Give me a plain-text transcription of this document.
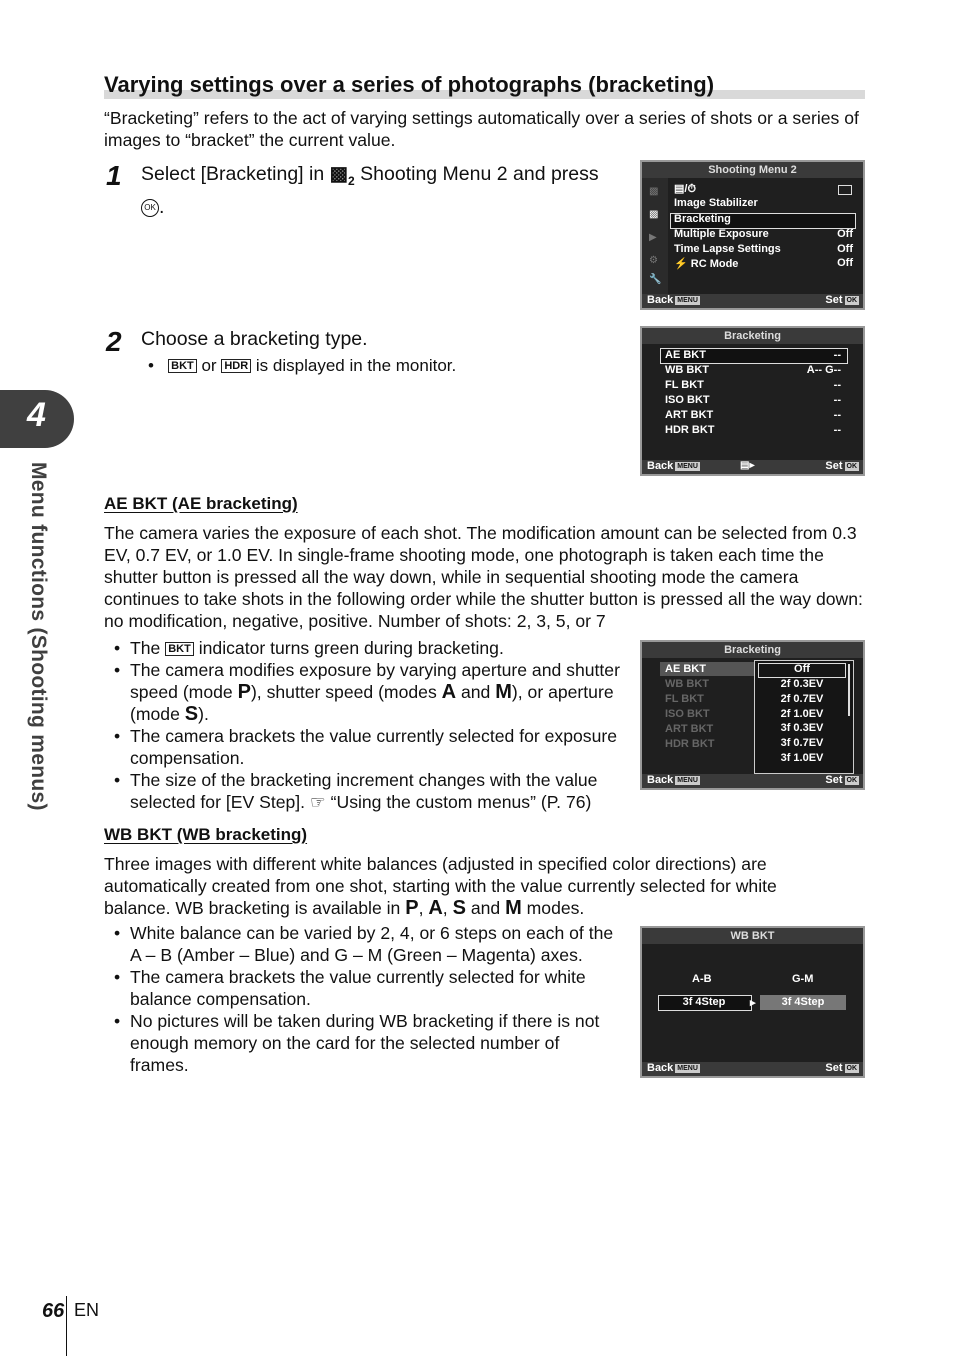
Varying settings over a series of photographs (bracketing)
“Bracketing” refers to the act of varying settings automatically over a series of shots or a series of images to “bracket” the current value.
4
Menu functions (Shooting menus)
1 Select [Bracketing] in $▩_2$ Shooting Menu 2 and press OK .
2 Choose a bracketing type.
•   BKT or HDR is displayed in the monitor.
Shooting Menu 2
▩
▩
▶
⚙
🔧
▤/⏱
Image Stabilizer
Bracketing
Multiple Exposure	Off
Time Lapse Settings	Off
⚡ RC Mode	Off
Back MENU	Set OK
Bracketing
AE BKT	--
WB BKT	A-- G--
FL BKT	--
ISO BKT	--
ART BKT	--
HDR BKT	--
Back MENU	▤▸	Set OK
AE BKT (AE bracketing)
The camera varies the exposure of each shot. The modification amount can be selected from 0.3 EV, 0.7 EV, or 1.0 EV. In single-frame shooting mode, one photograph is taken each time the shutter button is pressed all the way down, while in sequential shooting mode the camera continues to take shots in the following order while the shutter button is pressed all the way down: no modification, negative, positive. Number of shots: 2, 3, 5, or 7
• The BKT indicator turns green during bracketing.
• The camera modifies exposure by varying aperture and shutter speed (mode P), shutter speed (modes A and M), or aperture (mode S).
• The camera brackets the value currently selected for exposure compensation.
• The size of the bracketing increment changes with the value selected for [EV Step]. ☞ “Using the custom menus” (P. 76)
Bracketing
AE BKT
WB BKT
FL BKT
ISO BKT
ART BKT
HDR BKT
Off
2f 0.3EV
2f 0.7EV
2f 1.0EV
3f 0.3EV
3f 0.7EV
3f 1.0EV
Back MENU	Set OK
WB BKT (WB bracketing)
Three images with different white balances (adjusted in specified color directions) are automatically created from one shot, starting with the value currently selected for white balance. WB bracketing is available in P, A, S and M modes.
• White balance can be varied by 2, 4, or 6 steps on each of the A – B (Amber – Blue) and G – M (Green – Magenta) axes.
• The camera brackets the value currently selected for white balance compensation.
• No pictures will be taken during WB bracketing if there is not enough memory on the card for the selected number of frames.
WB BKT
A-B	G-M
3f 4Step	▸	3f 4Step
Back MENU	Set OK
66 EN
